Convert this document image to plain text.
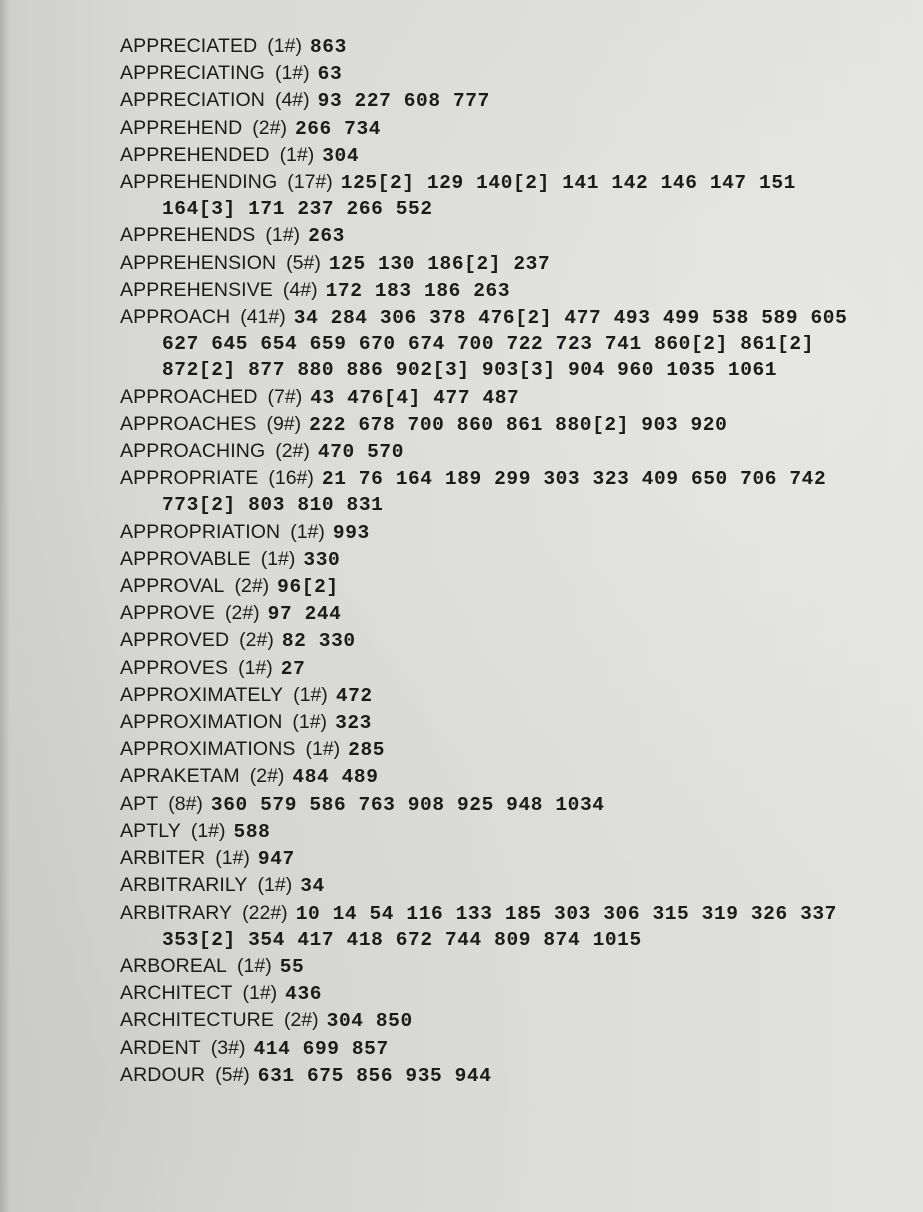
APPRECIATED (1#) 863
APPRECIATING (1#) 63
APPRECIATION (4#) 93 227 608 777
APPREHEND (2#) 266 734
APPREHENDED (1#) 304
APPREHENDING (17#) 125[2] 129 140[2] 141 142 146 147 151 164[3] 171 237 266 552
APPREHENDS (1#) 263
APPREHENSION (5#) 125 130 186[2] 237
APPREHENSIVE (4#) 172 183 186 263
APPROACH (41#) 34 284 306 378 476[2] 477 493 499 538 589 605 627 645 654 659 670 674 700 722 723 741 860[2] 861[2] 872[2] 877 880 886 902[3] 903[3] 904 960 1035 1061
APPROACHED (7#) 43 476[4] 477 487
APPROACHES (9#) 222 678 700 860 861 880[2] 903 920
APPROACHING (2#) 470 570
APPROPRIATE (16#) 21 76 164 189 299 303 323 409 650 706 742 773[2] 803 810 831
APPROPRIATION (1#) 993
APPROVABLE (1#) 330
APPROVAL (2#) 96[2]
APPROVE (2#) 97 244
APPROVED (2#) 82 330
APPROVES (1#) 27
APPROXIMATELY (1#) 472
APPROXIMATION (1#) 323
APPROXIMATIONS (1#) 285
APRAKETAM (2#) 484 489
APT (8#) 360 579 586 763 908 925 948 1034
APTLY (1#) 588
ARBITER (1#) 947
ARBITRARILY (1#) 34
ARBITRARY (22#) 10 14 54 116 133 185 303 306 315 319 326 337 353[2] 354 417 418 672 744 809 874 1015
ARBOREAL (1#) 55
ARCHITECT (1#) 436
ARCHITECTURE (2#) 304 850
ARDENT (3#) 414 699 857
ARDOUR (5#) 631 675 856 935 944
